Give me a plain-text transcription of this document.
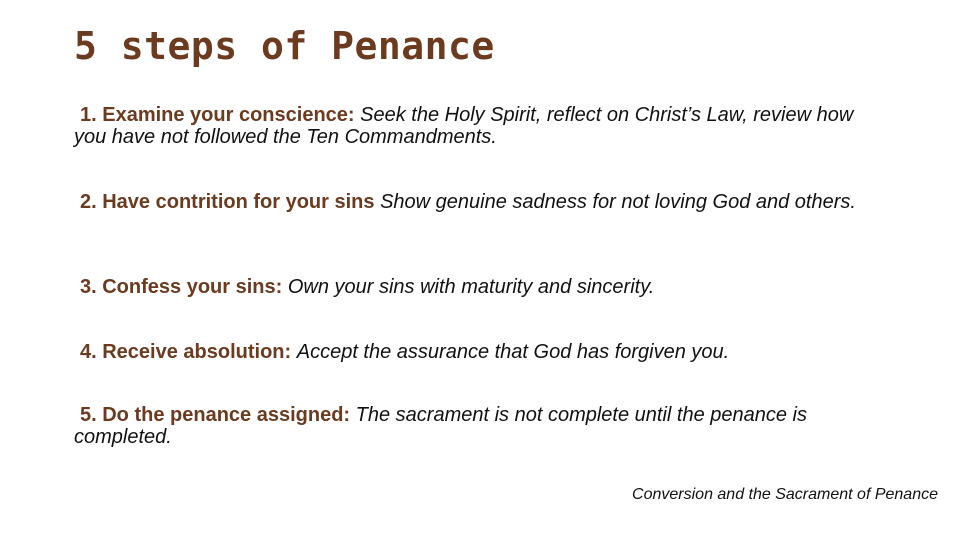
5 steps of Penance
1. Examine your conscience: Seek the Holy Spirit, reflect on Christ’s Law, review how you have not followed the Ten Commandments.
2. Have contrition for your sins Show genuine sadness for not loving God and others.
3. Confess your sins: Own your sins with maturity and sincerity.
4. Receive absolution: Accept the assurance that God has forgiven you.
5. Do the penance assigned: The sacrament is not complete until the penance is completed.

Conversion and the Sacrament of Penance
